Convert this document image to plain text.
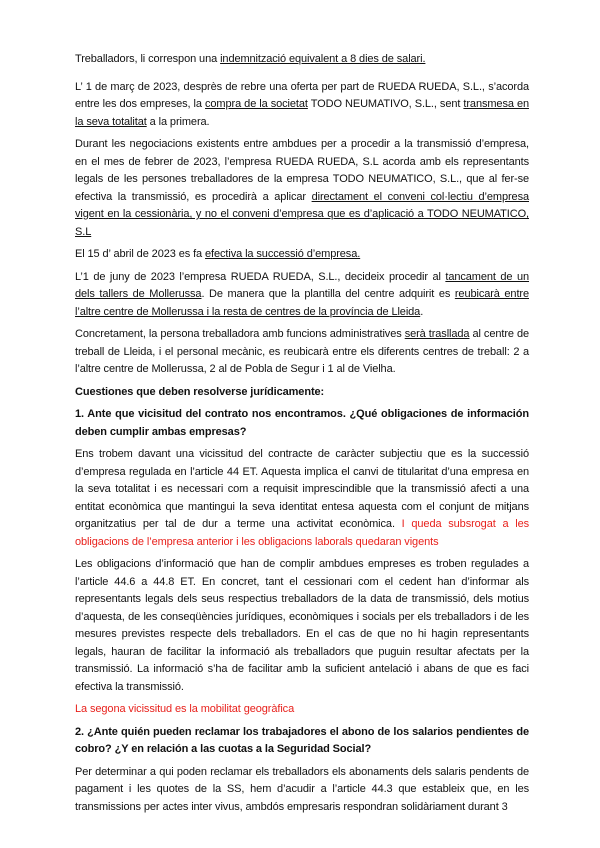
Treballadors, li correspon una indemnització equivalent a 8 dies de salari.

L’ 1 de març de 2023, desprès de rebre una oferta per part de RUEDA RUEDA, S.L., s’acorda entre les dos empreses, la compra de la societat TODO NEUMATIVO, S.L., sent transmesa en la seva totalitat a la primera.

Durant les negociacions existents entre ambdues per a procedir a la transmissió d’empresa, en el mes de febrer de 2023, l’empresa RUEDA RUEDA, S.L acorda amb els representants legals de les persones treballadores de la empresa TODO NEUMATICO, S.L., que al fer-se efectiva la transmissió, es procedirà a aplicar directament el conveni col·lectiu d’empresa vigent en la cessionària, y no el conveni d’empresa que es d’aplicació a TODO NEUMATICO, S.L

El 15 d’ abril de 2023 es fa efectiva la successió d’empresa.

L’1 de juny de 2023 l’empresa RUEDA RUEDA, S.L., decideix procedir al tancament de un dels tallers de Mollerussa. De manera que la plantilla del centre adquirit es reubicarà entre l’altre centre de Mollerussa i la resta de centres de la província de Lleida.

Concretament, la persona treballadora amb funcions administratives serà traslladа al centre de treball de Lleida, i el personal mecànic, es reubicarà entre els diferents centres de treball: 2 a l’altre centre de Mollerussa, 2 al de Pobla de Segur i 1 al de Vielha.

Cuestiones que deben resolverse jurídicamente:

1. Ante que vicisitud del contrato nos encontramos. ¿Qué obligaciones de información deben cumplir ambas empresas?

Ens trobem davant una vicissitud del contracte de caràcter subjectiu que es la successió d’empresa regulada en l’article 44 ET. Aquesta implica el canvi de titularitat d’una empresa en la seva totalitat i es necessari com a requisit imprescindible que la transmissió afecti a una entitat econòmica que mantingui la seva identitat entesa aquesta com el conjunt de mitjans organitzatius per tal de dur a terme una activitat econòmica. I queda subsrogat a les obligacions de l’empresa anterior i les obligacions laborals quedaran vigents

Les obligacions d’informació que han de complir ambdues empreses es troben regulades a l’article 44.6 a 44.8 ET. En concret, tant el cessionari com el cedent han d’informar als representants legals dels seus respectius treballadors de la data de transmissió, dels motius d’aquesta, de les conseqüències jurídiques, econòmiques i socials per els treballadors i de les mesures previstes respecte dels treballadors. En el cas de que no hi hagin representants legals, hauran de facilitar la informació als treballadors que puguin resultar afectats per la transmissió. La informació s’ha de facilitar amb la suficient antelació i abans de que es faci efectiva la transmissió.

La segona vicissitud es la mobilitat geogràfica

2. ¿Ante quién pueden reclamar los trabajadores el abono de los salarios pendientes de cobro? ¿Y en relación a las cuotas a la Seguridad Social?

Per determinar a qui poden reclamar els treballadors els abonaments dels salaris pendents de pagament i les quotes de la SS, hem d’acudir a l’article 44.3 que estableix que, en les transmissions per actes inter vivus, ambdós empresaris respondran solidàriament durant 3
